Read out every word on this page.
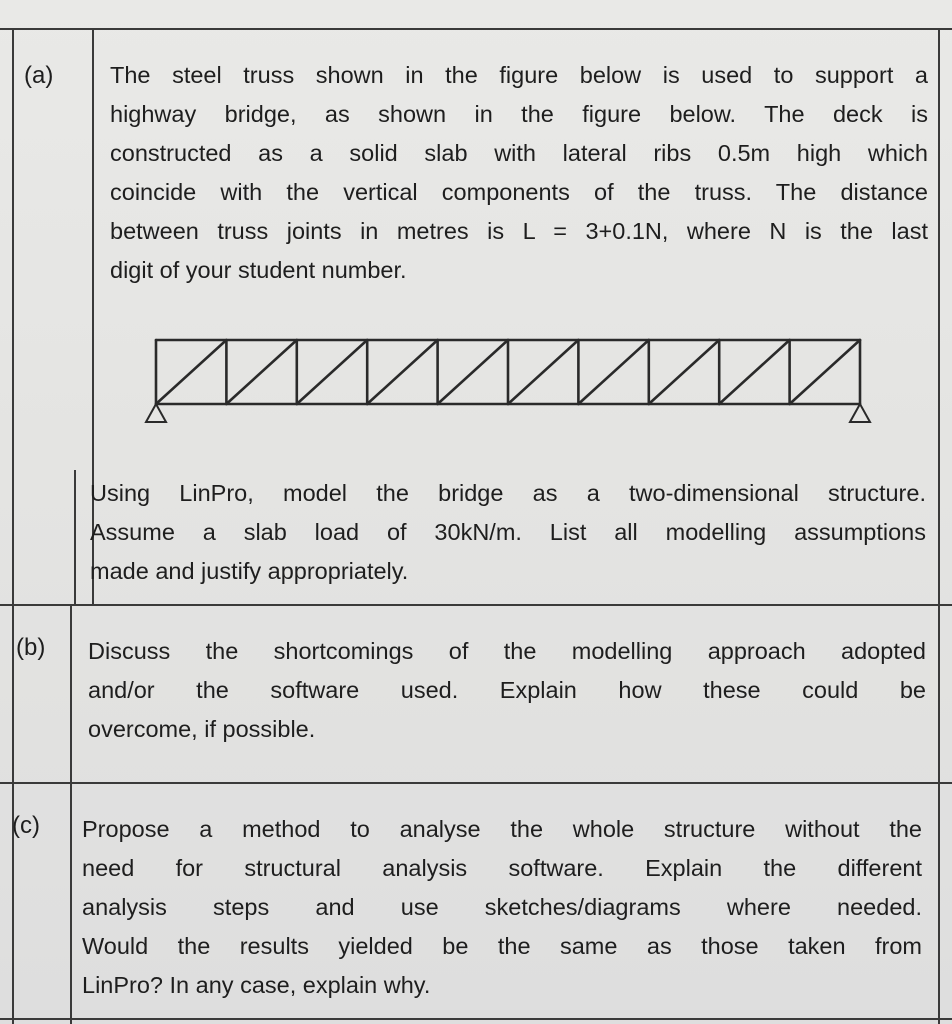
(a) The steel truss shown in the figure below is used to support a
highway bridge, as shown in the figure below. The deck is
constructed as a solid slab with lateral ribs 0.5m high which
coincide with the vertical components of the truss. The distance
between truss joints in metres is L = 3+0.1N, where N is the last
digit of your student number.
Using LinPro, model the bridge as a two-dimensional structure.
Assume a slab load of 30kN/m. List all modelling assumptions
made and justify appropriately.
(b) Discuss the shortcomings of the modelling approach adopted
and/or the software used. Explain how these could be
overcome, if possible.
(c) Propose a method to analyse the whole structure without the
need for structural analysis software. Explain the different
analysis steps and use sketches/diagrams where needed.
Would the results yielded be the same as those taken from
LinPro? In any case, explain why.
